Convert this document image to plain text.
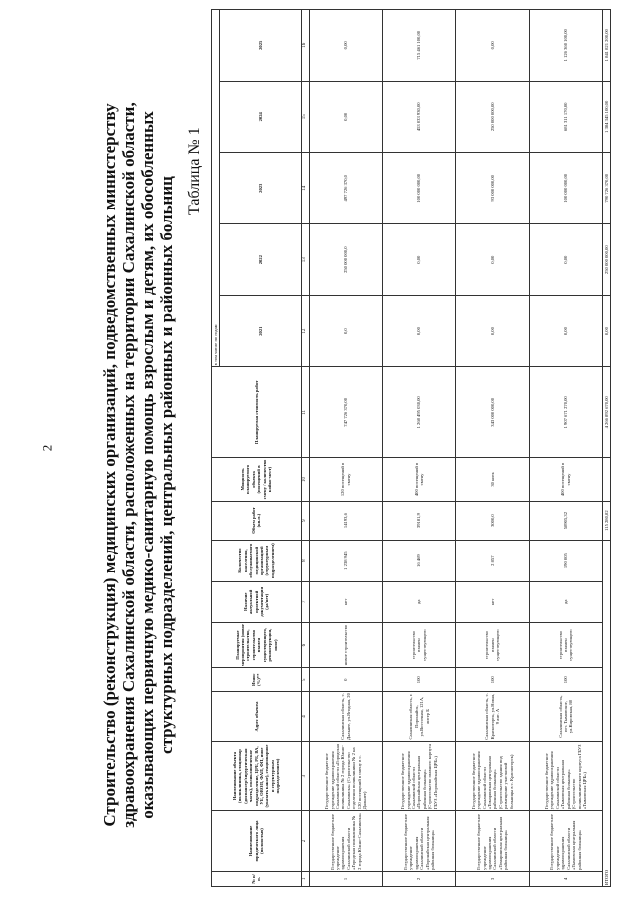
2	Строительство (реконструкция) медицинских организаций, подведомственных министерству здравоохранения Сахалинской области, расположенных на территории Сахалинской области, оказывающих первичную медико-санитарную помощь взрослым и детям, их обособленных структурных подразделений, центральных районных и районных больниц
Таблица № 1
№ п/п.	Наименование юридического лица (полностью)	Наименование объекта (поликлиника, стационар (диспансер/хирургическая часть), поликлиническое подразделение, ЦРБ, РБ, ВА, УБ, ОВОП, ФАП, ФП, иное (указать какое), стационарное и структурным подразделением)	Адрес объекта	Износ (%)**	Планируемые мероприятия (новое строительство, строительство взамен существующего, реконструкция, иное)	Наличие актуальной проектной документации (да/нет)	Количество населения, обслуживаемого медицинской организацией (структурным подразделением)	Объем работ (кв.м.)	Мощность планируемого объекта (посещений в смену / количество койко-мест)	Планируемая стоимость работ	в том числе по годам				
											2021	2022	2023	2024	2025
1	2	3	4	5	6	7	8	9	10	11	12	13	14	15	16
1	Государственное бюджетное учреждение здравоохранения Сахалинской области «Городская поликлиника № 2 города Южно-Сахалинска»	Государственное бюджетное учреждение здравоохранения Сахалинской области «Городская поликлиника № 2 города Южно-Сахалинска» (Строительство отделения поликлиники № 2 на 120 посещений в смену в с. Дальнее)	Сахалинская область, с. Дальнее, ул.Ягодная, 20	0	новое строительство	нет	1 238 945	14193,6	120 посещений в смену	747 726 370,00	0,0	250 000 000,0	497 726 370,0	0,00	0,00
2	Государственное бюджетное учреждение здравоохранения Сахалинской области «Поронайская центральная районная больница»	Государственное бюджетное учреждение здравоохранения Сахалинской области «Поронайская центральная районная больница» (Строительство главного корпуса ГБУЗ «Поронайская ЦРБ»)	Сахалинская область, г. Поронайск, ул.Восточная, 121А, литер Б	100	строительство взамен существующего	да	16 469	39181,9	400 посещений в смену	1 268 495 030,00	0,00	0,00	100 000 000,00	453 033 930,00	715 461 100,00
3	Государственное бюджетное учреждение здравоохранения Сахалинской области «Томаринская центральная районная больница»	Государственное бюджетное учреждение здравоохранения Сахалинской области «Томаринская центральная районная больница» (Строительство здания под размещение участковой больницы в с. Красногорск)	Сахалинская область, с. Красногорск, ул.Новая, 9 лит. А	100	строительство взамен существующего	нет	2 857	3000,0	30 коек	343 000 000,00	0,00	0,00	93 000 000,00	250 000 000,00	0,00
4	Государственное бюджетное учреждение здравоохранения Сахалинской области «Тымовская центральная районная больница»	Государственное бюджетное учреждение здравоохранения Сахалинской области «Тымовская центральная районная больница» (Строительство поликлинического корпуса ГБУЗ «Тымовская ЦРБ»)	Сахалинская область, пгт. Тымовское, ул.Кировская, 88	100	строительство взамен существующего	да	190 005	58905,32	400 посещений в смену	1 907 671 270,00	0,00	0,00	100 000 000,00	681 311 170,00	1 126 360 100,00
ИТОГО								115 280,82		4 266 892 670,00	0,00	250 000 000,00	790 726 370,00	1 384 345 100,00	1 841 821 200,00
